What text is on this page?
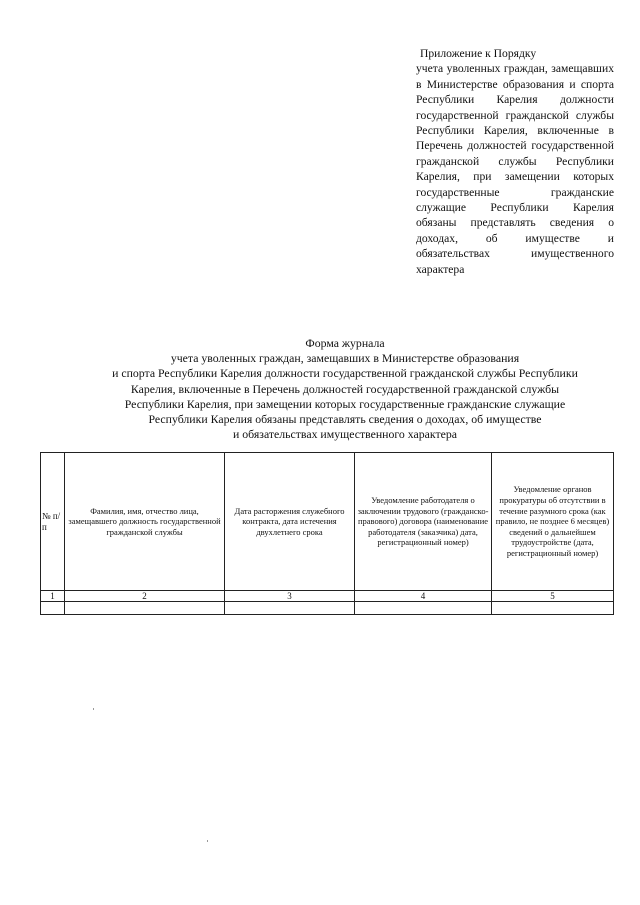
Приложение к Порядку
учета уволенных граждан, замещавших в Министерстве образования и спорта Республики Карелия должности государственной гражданской службы Республики Карелия, включенные в Перечень должностей государственной гражданской службы Республики Карелия, при замещении которых государственные гражданские служащие Республики Карелия обязаны представлять сведения о доходах, об имуществе и обязательствах имущественного характера
Форма журнала
учета уволенных граждан, замещавших в Министерстве образования
и спорта Республики Карелия должности государственной гражданской службы Республики
Карелия, включенные в Перечень должностей государственной гражданской службы
Республики Карелия, при замещении которых государственные гражданские служащие
Республики Карелия обязаны представлять сведения о доходах, об имуществе
и обязательствах имущественного характера
№ п/п	Фамилия, имя, отчество лица, замещавшего должность государственной гражданской службы	Дата расторжения служебного контракта, дата истечения двухлетнего срока	Уведомление работодателя о заключении трудового (гражданско-правового) договора (наименование работодателя (заказчика) дата, регистрационный номер)	Уведомление органов прокуратуры об отсутствии в течение разумного срока (как правило, не позднее 6 месяцев) сведений о дальнейшем трудоустройстве (дата, регистрационный номер)
1	2	3	4	5
